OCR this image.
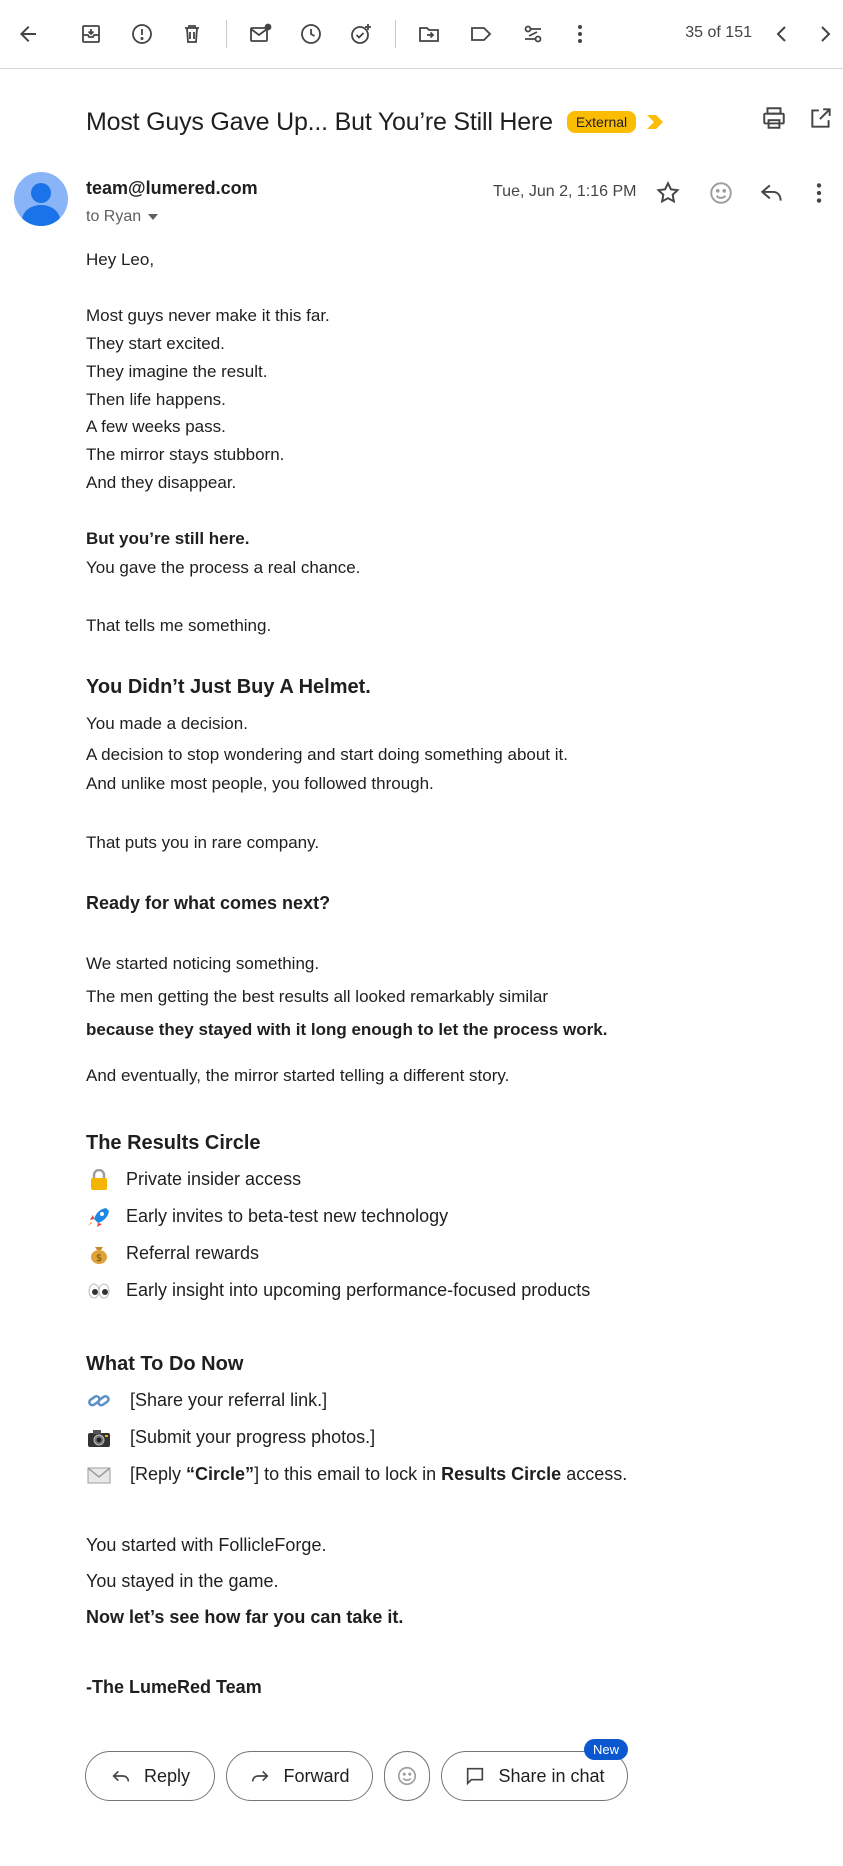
35 of 151
Most Guys Gave Up... But You’re Still Here	External
team@lumered.com
to Ryan
Tue, Jun 2, 1:16 PM
Hey Leo,
Most guys never make it this far.
They start excited.
They imagine the result.
Then life happens.
A few weeks pass.
The mirror stays stubborn.
And they disappear.
But you’re still here.
You gave the process a real chance.
That tells me something.
You Didn’t Just Buy A Helmet.
You made a decision.
A decision to stop wondering and start doing something about it.
And unlike most people, you followed through.
That puts you in rare company.
Ready for what comes next?
We started noticing something.
The men getting the best results all looked remarkably similar
because they stayed with it long enough to let the process work.
And eventually, the mirror started telling a different story.
The Results Circle
Private insider access
Early invites to beta-test new technology
$ Referral rewards
Early insight into upcoming performance-focused products
What To Do Now
[Share your referral link.]
[Submit your progress photos.]
[Reply “Circle”] to this email to lock in Results Circle access.
You started with FollicleForge.
You stayed in the game.
Now let’s see how far you can take it.
-The LumeRed Team
Reply	Forward	Share in chat
New
